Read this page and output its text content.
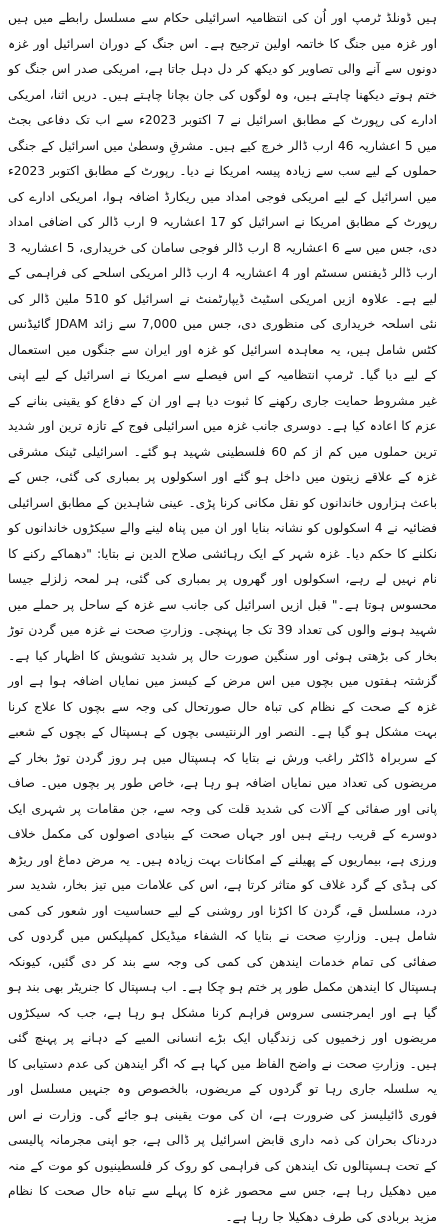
ہیں ڈونلڈ ٹرمپ اور اُن کی انتظامیہ اسرائیلی حکام سے مسلسل رابطے میں ہیں اور غزہ میں جنگ کا خاتمہ اولین ترجیح ہے۔ اس جنگ کے دوران اسرائیل اور غزہ دونوں سے آنے والی تصاویر کو دیکھ کر دل دہل جاتا ہے، امریکی صدر اس جنگ کو ختم ہوتے دیکھنا چاہتے ہیں، وہ لوگوں کی جان بچانا چاہتے ہیں۔ دریں اثنا، امریکی ادارے کی رپورٹ کے مطابق اسرائیل نے 7 اکتوبر 2023ء سے اب تک دفاعی بجٹ میں 5 اعشاریہ 46 ارب ڈالر خرچ کیے ہیں۔ مشرقِ وسطیٰ میں اسرائیل کے جنگی حملوں کے لیے سب سے زیادہ پیسہ امریکا نے دیا۔ رپورٹ کے مطابق اکتوبر 2023ء میں اسرائیل کے لیے امریکی فوجی امداد میں ریکارڈ اضافہ ہوا، امریکی ادارے کی رپورٹ کے مطابق امریکا نے اسرائیل کو 17 اعشاریہ 9 ارب ڈالر کی اضافی امداد دی، جس میں سے 6 اعشاریہ 8 ارب ڈالر فوجی سامان کی خریداری، 5 اعشاریہ 3 ارب ڈالر ڈیفنس سسٹم اور 4 اعشاریہ 4 ارب ڈالر امریکی اسلحے کی فراہمی کے لیے ہے۔ علاوہ ازیں امریکی اسٹیٹ ڈیپارٹمنٹ نے اسرائیل کو 510 ملین ڈالر کی نئی اسلحہ خریداری کی منظوری دی، جس میں 7,000 سے زائد JDAM گائیڈنس کٹس شامل ہیں، یہ معاہدہ اسرائیل کو غزہ اور ایران سے جنگوں میں استعمال کے لیے دیا گیا۔ ٹرمپ انتظامیہ کے اس فیصلے سے امریکا نے اسرائیل کے لیے اپنی غیر مشروط حمایت جاری رکھنے کا ثبوت دیا ہے اور ان کے دفاع کو یقینی بنانے کے عزم کا اعادہ کیا ہے۔ دوسری جانب غزہ میں اسرائیلی فوج کے تازہ ترین اور شدید ترین حملوں میں کم از کم 60 فلسطینی شہید ہو گئے۔ اسرائیلی ٹینک مشرقی غزہ کے علاقے زیتون میں داخل ہو گئے اور اسکولوں پر بمباری کی گئی، جس کے باعث ہزاروں خاندانوں کو نقل مکانی کرنا پڑی۔ عینی شاہدین کے مطابق اسرائیلی فضائیہ نے 4 اسکولوں کو نشانہ بنایا اور ان میں پناہ لینے والے سیکڑوں خاندانوں کو نکلنے کا حکم دیا۔ غزہ شہر کے ایک رہائشی صلاح الدین نے بتایا: "دھماکے رکنے کا نام نہیں لے رہے، اسکولوں اور گھروں پر بمباری کی گئی، ہر لمحہ زلزلے جیسا محسوس ہوتا ہے۔" قبل ازیں اسرائیل کی جانب سے غزہ کے ساحل پر حملے میں شہید ہونے والوں کی تعداد 39 تک جا پہنچی۔ وزارتِ صحت نے غزہ میں گردن توڑ بخار کی بڑھتی ہوئی اور سنگین صورت حال پر شدید تشویش کا اظہار کیا ہے۔ گزشتہ ہفتوں میں بچوں میں اس مرض کے کیسز میں نمایاں اضافہ ہوا ہے اور غزہ کے صحت کے نظام کی تباہ حال صورتحال کی وجہ سے بچوں کا علاج کرنا بہت مشکل ہو گیا ہے۔ النصر اور الرنتیسی بچوں کے ہسپتال کے بچوں کے شعبے کے سربراہ ڈاکٹر راغب ورش نے بتایا کہ ہسپتال میں ہر روز گردن توڑ بخار کے مریضوں کی تعداد میں نمایاں اضافہ ہو رہا ہے، خاص طور پر بچوں میں۔ صاف پانی اور صفائی کے آلات کی شدید قلت کی وجہ سے، جن مقامات پر شہری ایک دوسرے کے قریب رہتے ہیں اور جہاں صحت کے بنیادی اصولوں کی مکمل خلاف ورزی ہے، بیماریوں کے پھیلنے کے امکانات بہت زیادہ ہیں۔ یہ مرض دماغ اور ریڑھ کی ہڈی کے گرد غلاف کو متاثر کرتا ہے، اس کی علامات میں تیز بخار، شدید سر درد، مسلسل قے، گردن کا اکڑنا اور روشنی کے لیے حساسیت اور شعور کی کمی شامل ہیں۔ وزارتِ صحت نے بتایا کہ الشفاء میڈیکل کمپلیکس میں گردوں کی صفائی کی تمام خدمات ایندھن کی کمی کی وجہ سے بند کر دی گئیں، کیونکہ ہسپتال کا ایندھن مکمل طور پر ختم ہو چکا ہے۔ اب ہسپتال کا جنریٹر بھی بند ہو گیا ہے اور ایمرجنسی سروس فراہم کرنا مشکل ہو رہا ہے، جب کہ سیکڑوں مریضوں اور زخمیوں کی زندگیاں ایک بڑے انسانی المیے کے دہانے پر پہنچ گئی ہیں۔ وزارتِ صحت نے واضح الفاظ میں کہا ہے کہ اگر ایندھن کی عدم دستیابی کا یہ سلسلہ جاری رہا تو گردوں کے مریضوں، بالخصوص وہ جنہیں مسلسل اور فوری ڈائیلیسز کی ضرورت ہے، ان کی موت یقینی ہو جائے گی۔ وزارت نے اس دردناک بحران کی ذمہ داری قابض اسرائیل پر ڈالی ہے، جو اپنی مجرمانہ پالیسی کے تحت ہسپتالوں تک ایندھن کی فراہمی کو روک کر فلسطینیوں کو موت کے منہ میں دھکیل رہا ہے، جس سے محصور غزہ کا پہلے سے تباہ حال صحت کا نظام مزید بربادی کی طرف دھکیلا جا رہا ہے۔
